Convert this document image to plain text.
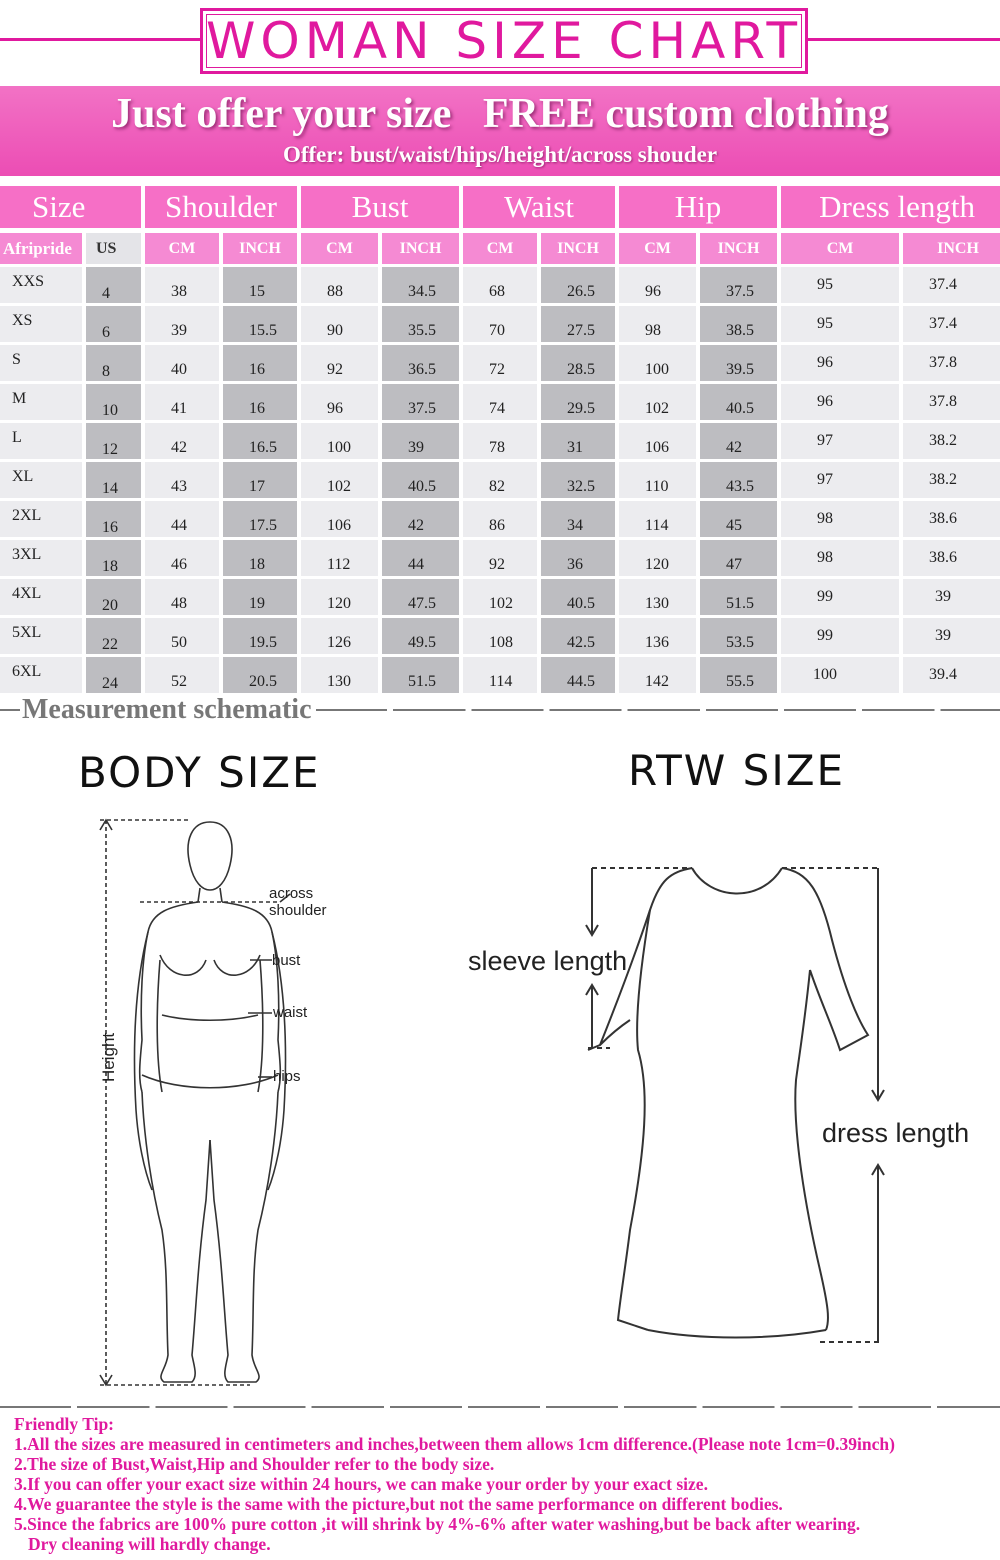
WOMAN SIZE CHART
Just offer your size   FREE custom clothing
Offer: bust/waist/hips/height/across shouder
Size		Shoulder		Bust		Waist		Hip		Dress length	
Afripride	US	CM	INCH	CM	INCH	CM	INCH	CM	INCH	CM	INCH
XXS	4	38	15	88	34.5	68	26.5	96	37.5	95	37.4
XS	6	39	15.5	90	35.5	70	27.5	98	38.5	95	37.4
S	8	40	16	92	36.5	72	28.5	100	39.5	96	37.8
M	10	41	16	96	37.5	74	29.5	102	40.5	96	37.8
L	12	42	16.5	100	39	78	31	106	42	97	38.2
XL	14	43	17	102	40.5	82	32.5	110	43.5	97	38.2
2XL	16	44	17.5	106	42	86	34	114	45	98	38.6
3XL	18	46	18	112	44	92	36	120	47	98	38.6
4XL	20	48	19	120	47.5	102	40.5	130	51.5	99	39
5XL	22	50	19.5	126	49.5	108	42.5	136	53.5	99	39
6XL	24	52	20.5	130	51.5	114	44.5	142	55.5	100	39.4
Measurement schematic
BODY SIZE
across
shoulder
bust
waist
hips
Height
RTW SIZE
sleeve length
dress length
Friendly Tip:
1.All the sizes are measured in centimeters and inches,between them allows 1cm difference.(Please note 1cm=0.39inch)
2.The size of Bust,Waist,Hip and Shoulder refer to the body size.
3.If you can offer your exact size within 24 hours, we can make your order by your exact size.
4.We guarantee the style is the same with the picture,but not the same performance on different bodies.
5.Since the fabrics are 100% pure cotton ,it will shrink by 4%-6% after water washing,but be back after wearing.
Dry cleaning will hardly change.
